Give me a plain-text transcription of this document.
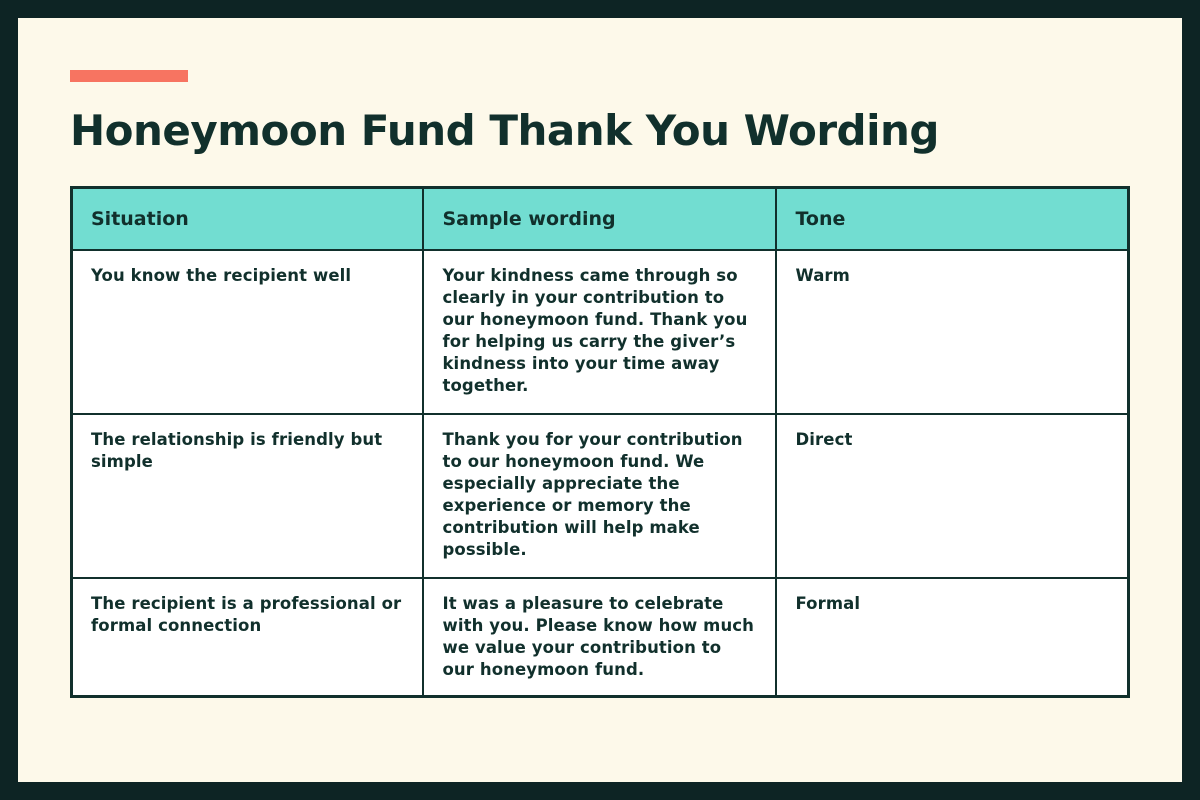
Honeymoon Fund Thank You Wording
Situation	Sample wording	Tone
You know the recipient well	Your kindness came through so clearly in your contribution to our honeymoon fund. Thank you for helping us carry the giver’s kindness into your time away together.	Warm
The relationship is friendly but simple	Thank you for your contribution to our honeymoon fund. We especially appreciate the experience or memory the contribution will help make possible.	Direct
The recipient is a professional or formal connection	It was a pleasure to celebrate with you. Please know how much we value your contribution to our honeymoon fund.	Formal
